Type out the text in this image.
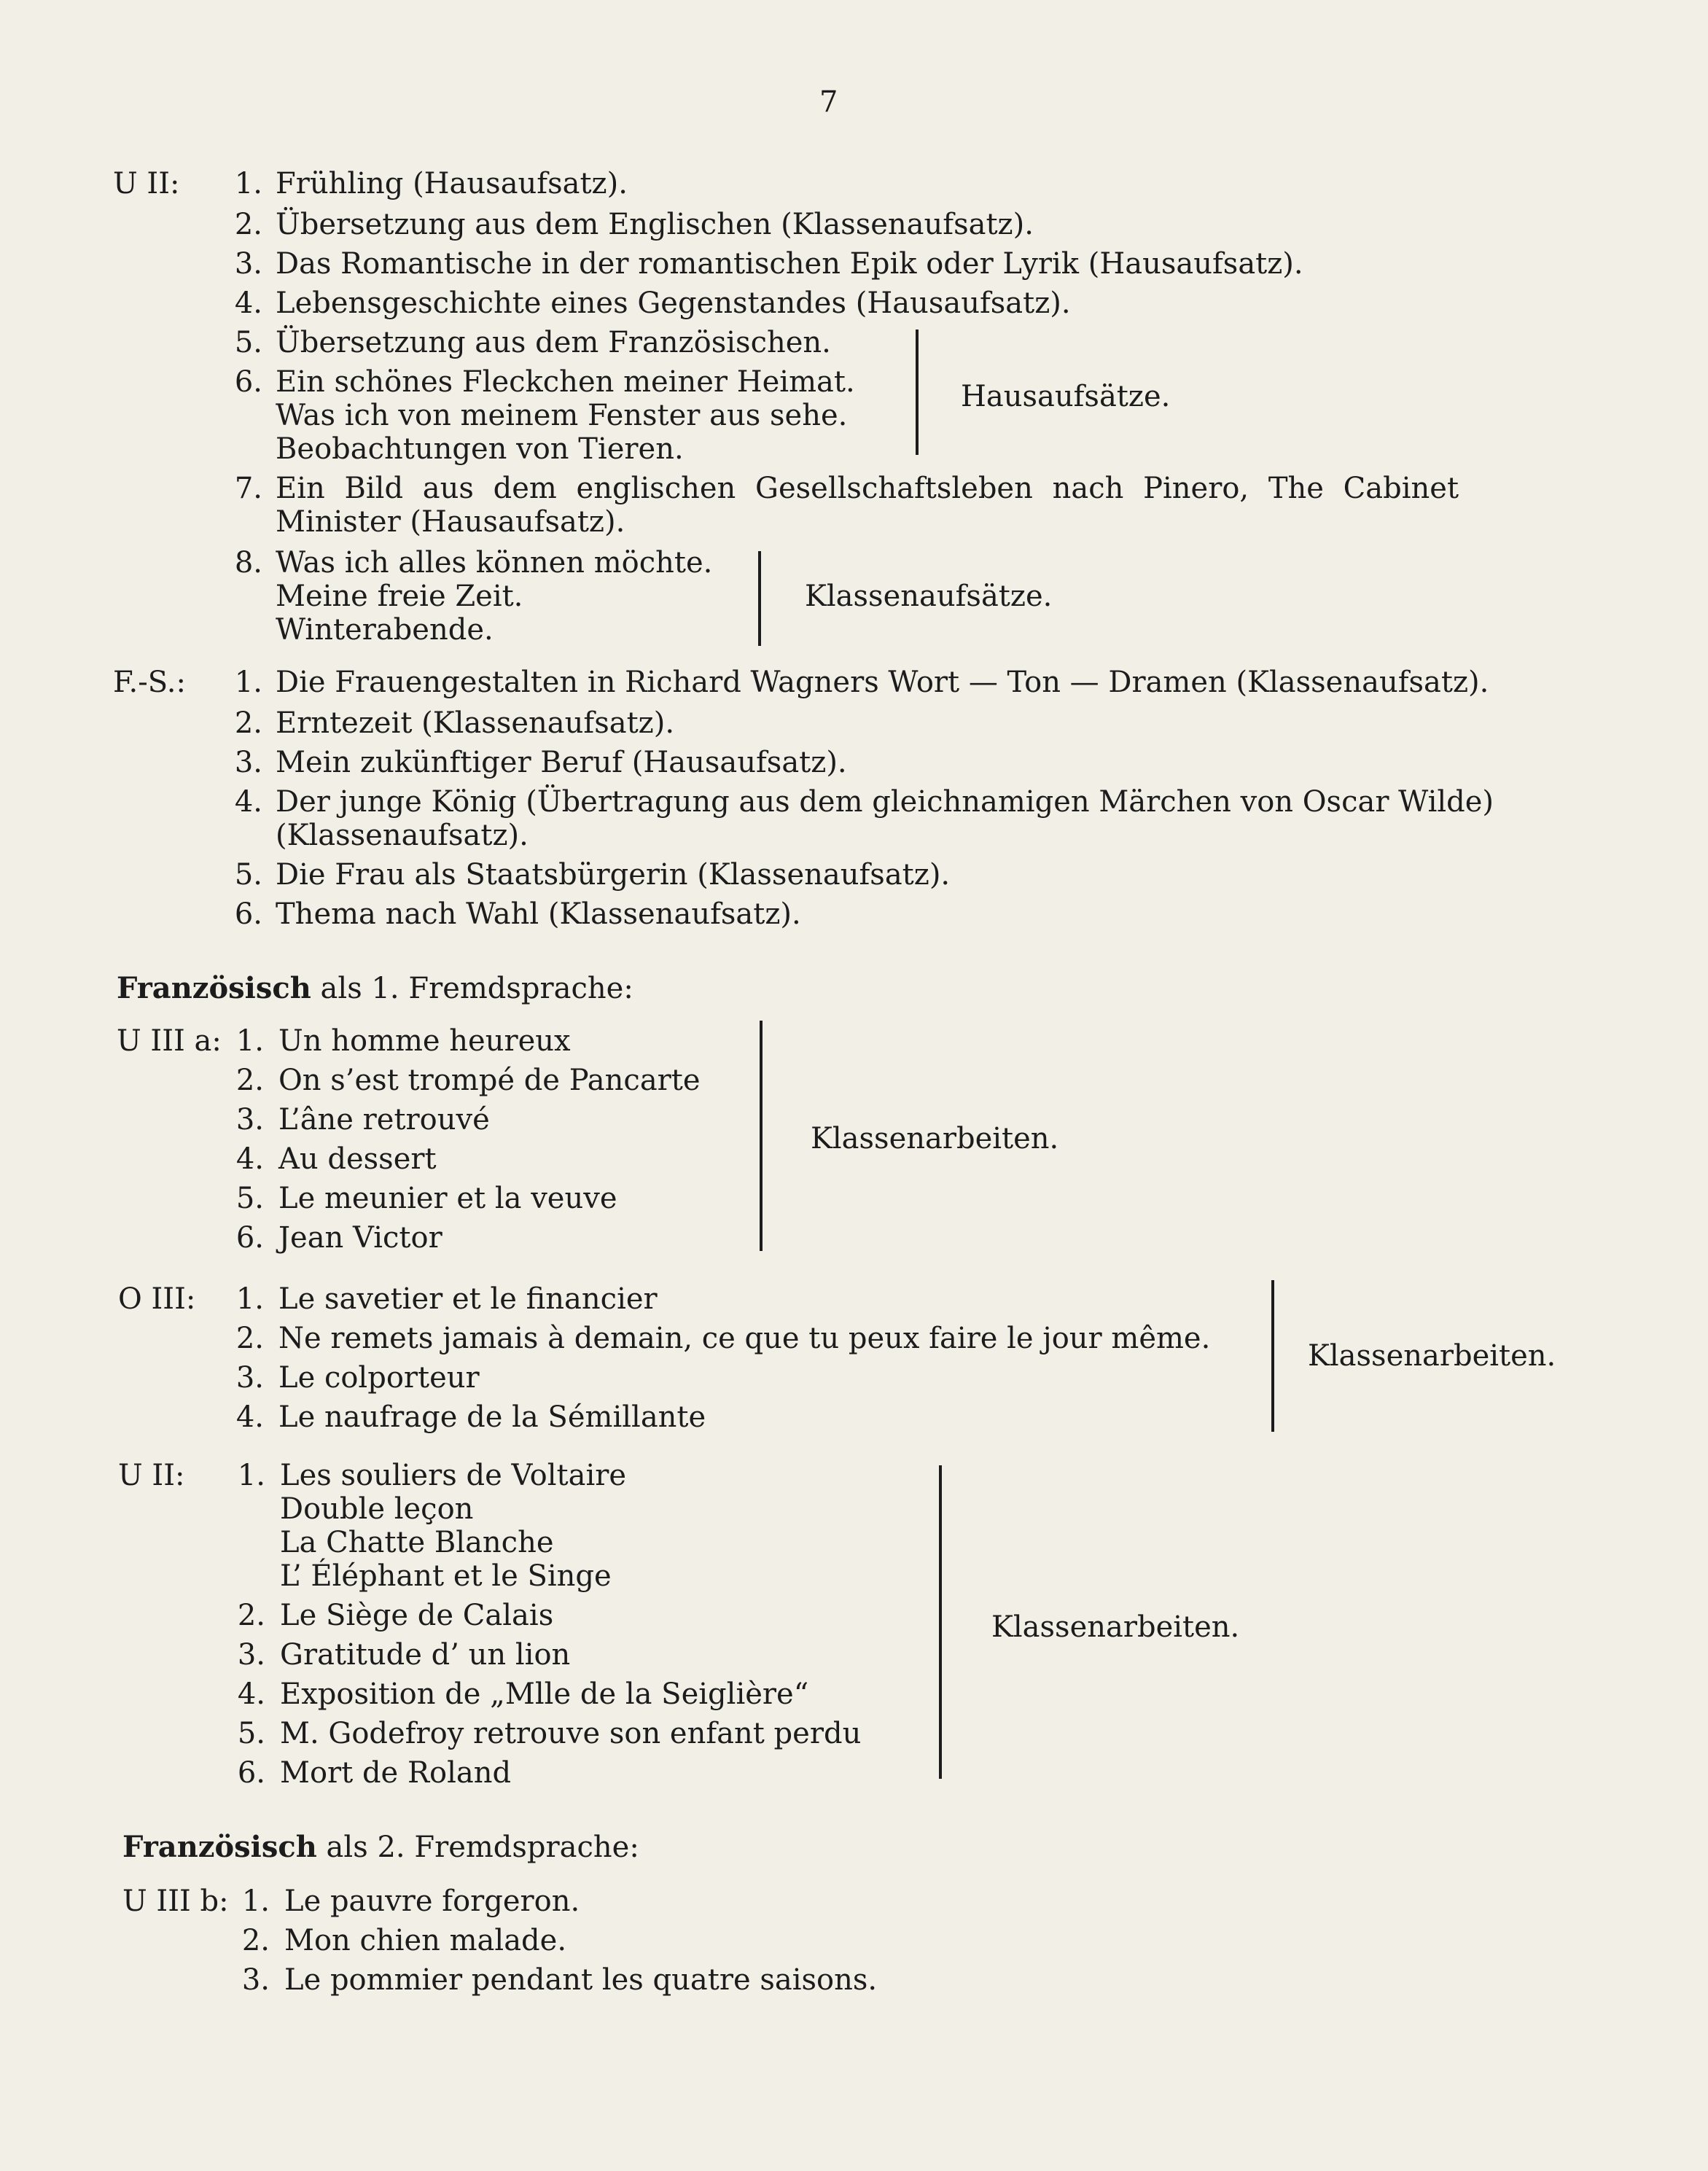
7
U II:	1. Frühling (Hausaufsatz).
2. Übersetzung aus dem Englischen (Klassenaufsatz).
3. Das Romantische in der romantischen Epik oder Lyrik (Hausaufsatz).
4. Lebensgeschichte eines Gegenstandes (Hausaufsatz).
5. Übersetzung aus dem Französischen.
6. Ein schönes Fleckchen meiner Heimat.
Was ich von meinem Fenster aus sehe.
Beobachtungen von Tieren.
Hausaufsätze.
7. Ein Bild aus dem englischen Gesellschaftsleben nach Pinero, The Cabinet
Minister (Hausaufsatz).
8. Was ich alles können möchte.
Meine freie Zeit.
Winterabende.
Klassenaufsätze.
F.-S.:	1. Die Frauengestalten in Richard Wagners Wort — Ton — Dramen (Klassenaufsatz).
2. Erntezeit (Klassenaufsatz).
3. Mein zukünftiger Beruf (Hausaufsatz).
4. Der junge König (Übertragung aus dem gleichnamigen Märchen von Oscar Wilde)
(Klassenaufsatz).
5. Die Frau als Staatsbürgerin (Klassenaufsatz).
6. Thema nach Wahl (Klassenaufsatz).
Französisch als 1. Fremdsprache:
U III a: 1. Un homme heureux
2. On s’est trompé de Pancarte
3. L’âne retrouvé
4. Au dessert
5. Le meunier et la veuve
6. Jean Victor
Klassenarbeiten.
O III:	1. Le savetier et le financier
2. Ne remets jamais à demain, ce que tu peux faire le jour même.
3. Le colporteur
4. Le naufrage de la Sémillante
Klassenarbeiten.
U II:	1. Les souliers de Voltaire
Double leçon
La Chatte Blanche
L’ Éléphant et le Singe
2. Le Siège de Calais
3. Gratitude d’ un lion
4. Exposition de „Mlle de la Seiglière“
5. M. Godefroy retrouve son enfant perdu
6. Mort de Roland
Klassenarbeiten.
Französisch als 2. Fremdsprache:
U III b: 1. Le pauvre forgeron.
2. Mon chien malade.
3. Le pommier pendant les quatre saisons.
